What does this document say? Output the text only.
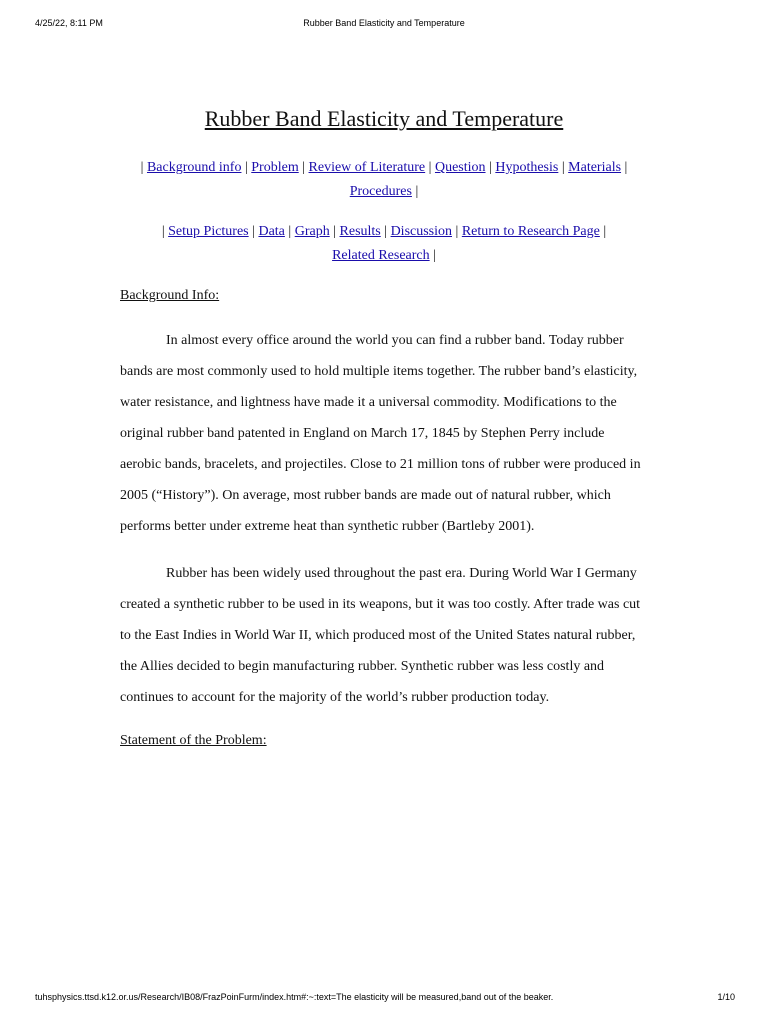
4/25/22, 8:11 PM	Rubber Band Elasticity and Temperature
Rubber Band Elasticity and Temperature
| Background info | Problem | Review of Literature | Question | Hypothesis | Materials |
Procedures |
| Setup Pictures | Data | Graph | Results | Discussion | Return to Research Page |
Related Research |
Background Info:

In almost every office around the world you can find a rubber band. Today rubber bands are most commonly used to hold multiple items together. The rubber band’s elasticity, water resistance, and lightness have made it a universal commodity. Modifications to the original rubber band patented in England on March 17, 1845 by Stephen Perry include aerobic bands, bracelets, and projectiles. Close to 21 million tons of rubber were produced in 2005 (“History”). On average, most rubber bands are made out of natural rubber, which performs better under extreme heat than synthetic rubber (Bartleby 2001).

Rubber has been widely used throughout the past era. During World War I Germany created a synthetic rubber to be used in its weapons, but it was too costly. After trade was cut to the East Indies in World War II, which produced most of the United States natural rubber, the Allies decided to begin manufacturing rubber. Synthetic rubber was less costly and continues to account for the majority of the world’s rubber production today.

Statement of the Problem:
tuhsphysics.ttsd.k12.or.us/Research/IB08/FrazPoinFurm/index.htm#:~:text=The elasticity will be measured,band out of the beaker.	1/10
